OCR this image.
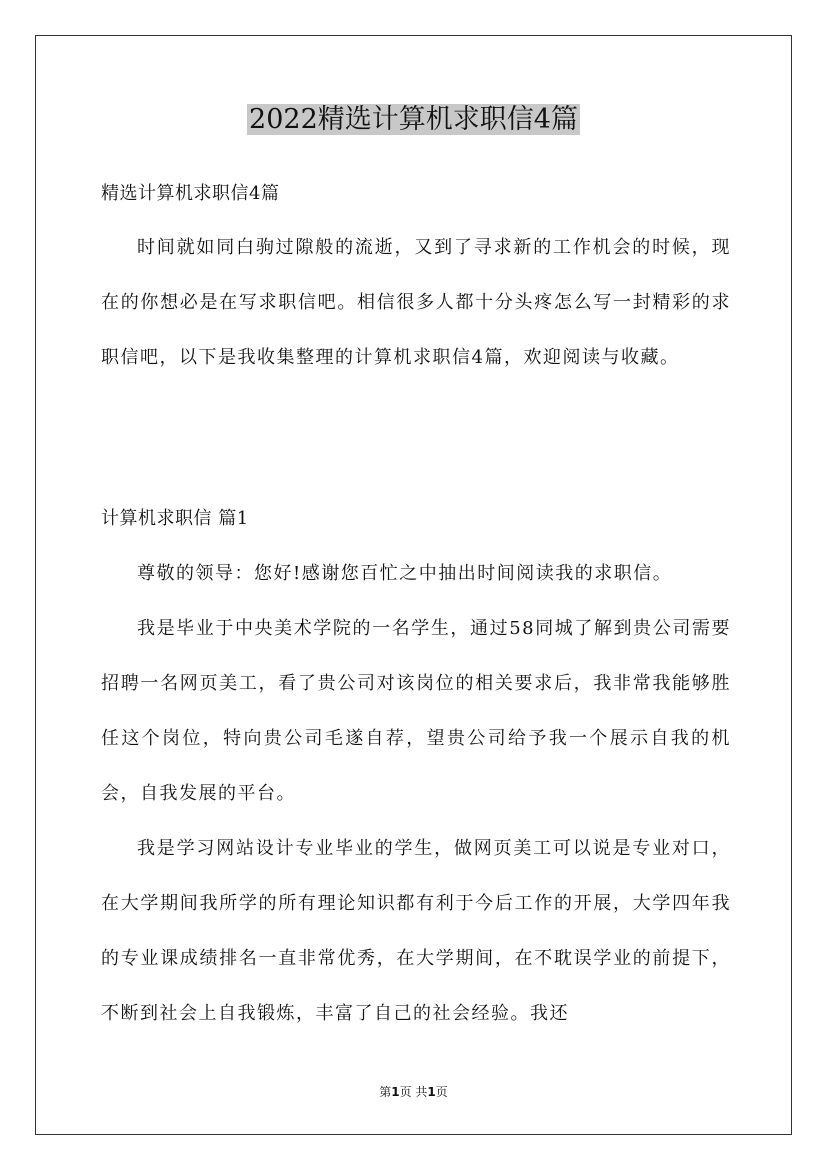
2022精选计算机求职信4篇
精选计算机求职信4篇

时间就如同白驹过隙般的流逝，又到了寻求新的工作机会的时候，现在的你想必是在写求职信吧。相信很多人都十分头疼怎么写一封精彩的求职信吧，以下是我收集整理的计算机求职信4篇，欢迎阅读与收藏。

计算机求职信 篇1

尊敬的领导：您好!感谢您百忙之中抽出时间阅读我的求职信。

我是毕业于中央美术学院的一名学生，通过58同城了解到贵公司需要招聘一名网页美工，看了贵公司对该岗位的相关要求后，我非常我能够胜任这个岗位，特向贵公司毛遂自荐，望贵公司给予我一个展示自我的机会，自我发展的平台。

我是学习网站设计专业毕业的学生，做网页美工可以说是专业对口，在大学期间我所学的所有理论知识都有利于今后工作的开展，大学四年我的专业课成绩排名一直非常优秀，在大学期间，在不耽误学业的前提下，不断到社会上自我锻炼，丰富了自己的社会经验。我还

第1页 共1页
